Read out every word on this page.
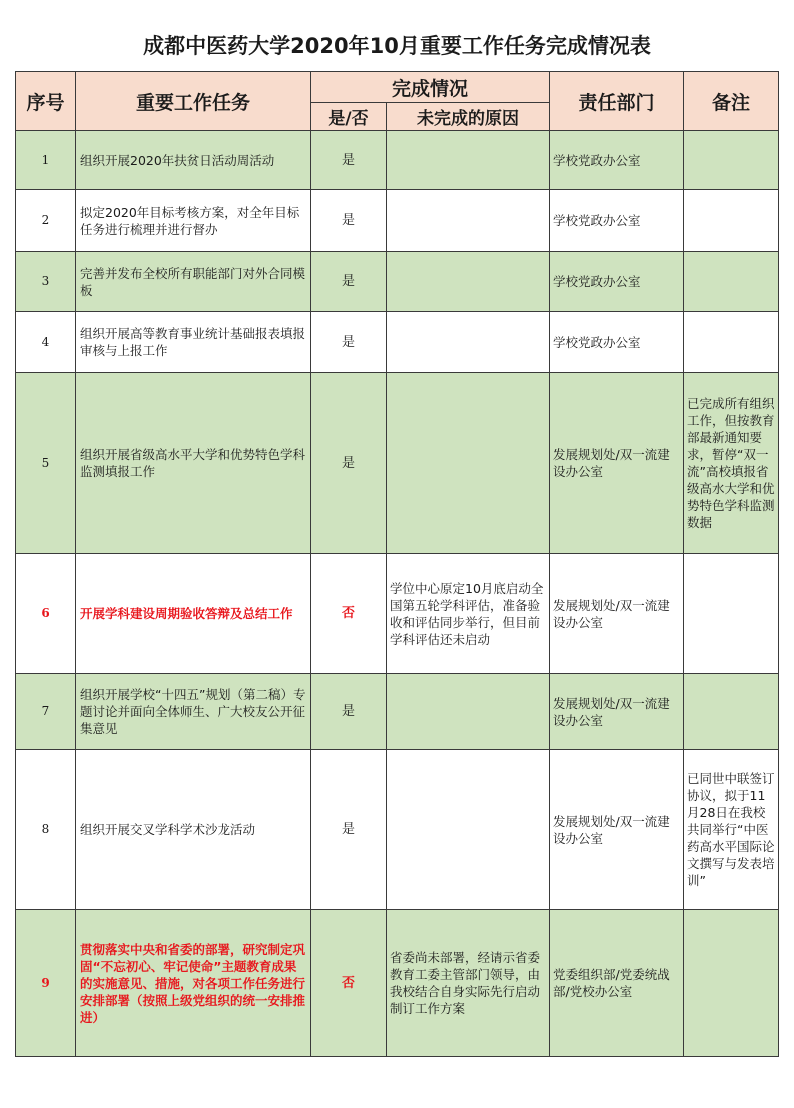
成都中医药大学2020年10月重要工作任务完成情况表
序号	重要工作任务	完成情况		责任部门	备注
		是/否	未完成的原因		
1	组织开展2020年扶贫日活动周活动	是		学校党政办公室	
2	拟定2020年目标考核方案，对全年目标任务进行梳理并进行督办	是		学校党政办公室	
3	完善并发布全校所有职能部门对外合同模板	是		学校党政办公室	
4	组织开展高等教育事业统计基础报表填报审核与上报工作	是		学校党政办公室	
5	组织开展省级高水平大学和优势特色学科监测填报工作	是		发展规划处/双一流建设办公室	已完成所有组织工作，但按教育部最新通知要求，暂停“双一流”高校填报省级高水大学和优势特色学科监测数据
6	开展学科建设周期验收答辩及总结工作	否	学位中心原定10月底启动全国第五轮学科评估，准备验收和评估同步举行，但目前学科评估还未启动	发展规划处/双一流建设办公室	
7	组织开展学校“十四五”规划（第二稿）专题讨论并面向全体师生、广大校友公开征集意见	是		发展规划处/双一流建设办公室	
8	组织开展交叉学科学术沙龙活动	是		发展规划处/双一流建设办公室	已同世中联签订协议，拟于11月28日在我校共同举行“中医药高水平国际论文撰写与发表培训”
9	贯彻落实中央和省委的部署，研究制定巩固“不忘初心、牢记使命”主题教育成果的实施意见、措施，对各项工作任务进行安排部署（按照上级党组织的统一安排推进）	否	省委尚未部署，经请示省委教育工委主管部门领导，由我校结合自身实际先行启动制订工作方案	党委组织部/党委统战部/党校办公室	
